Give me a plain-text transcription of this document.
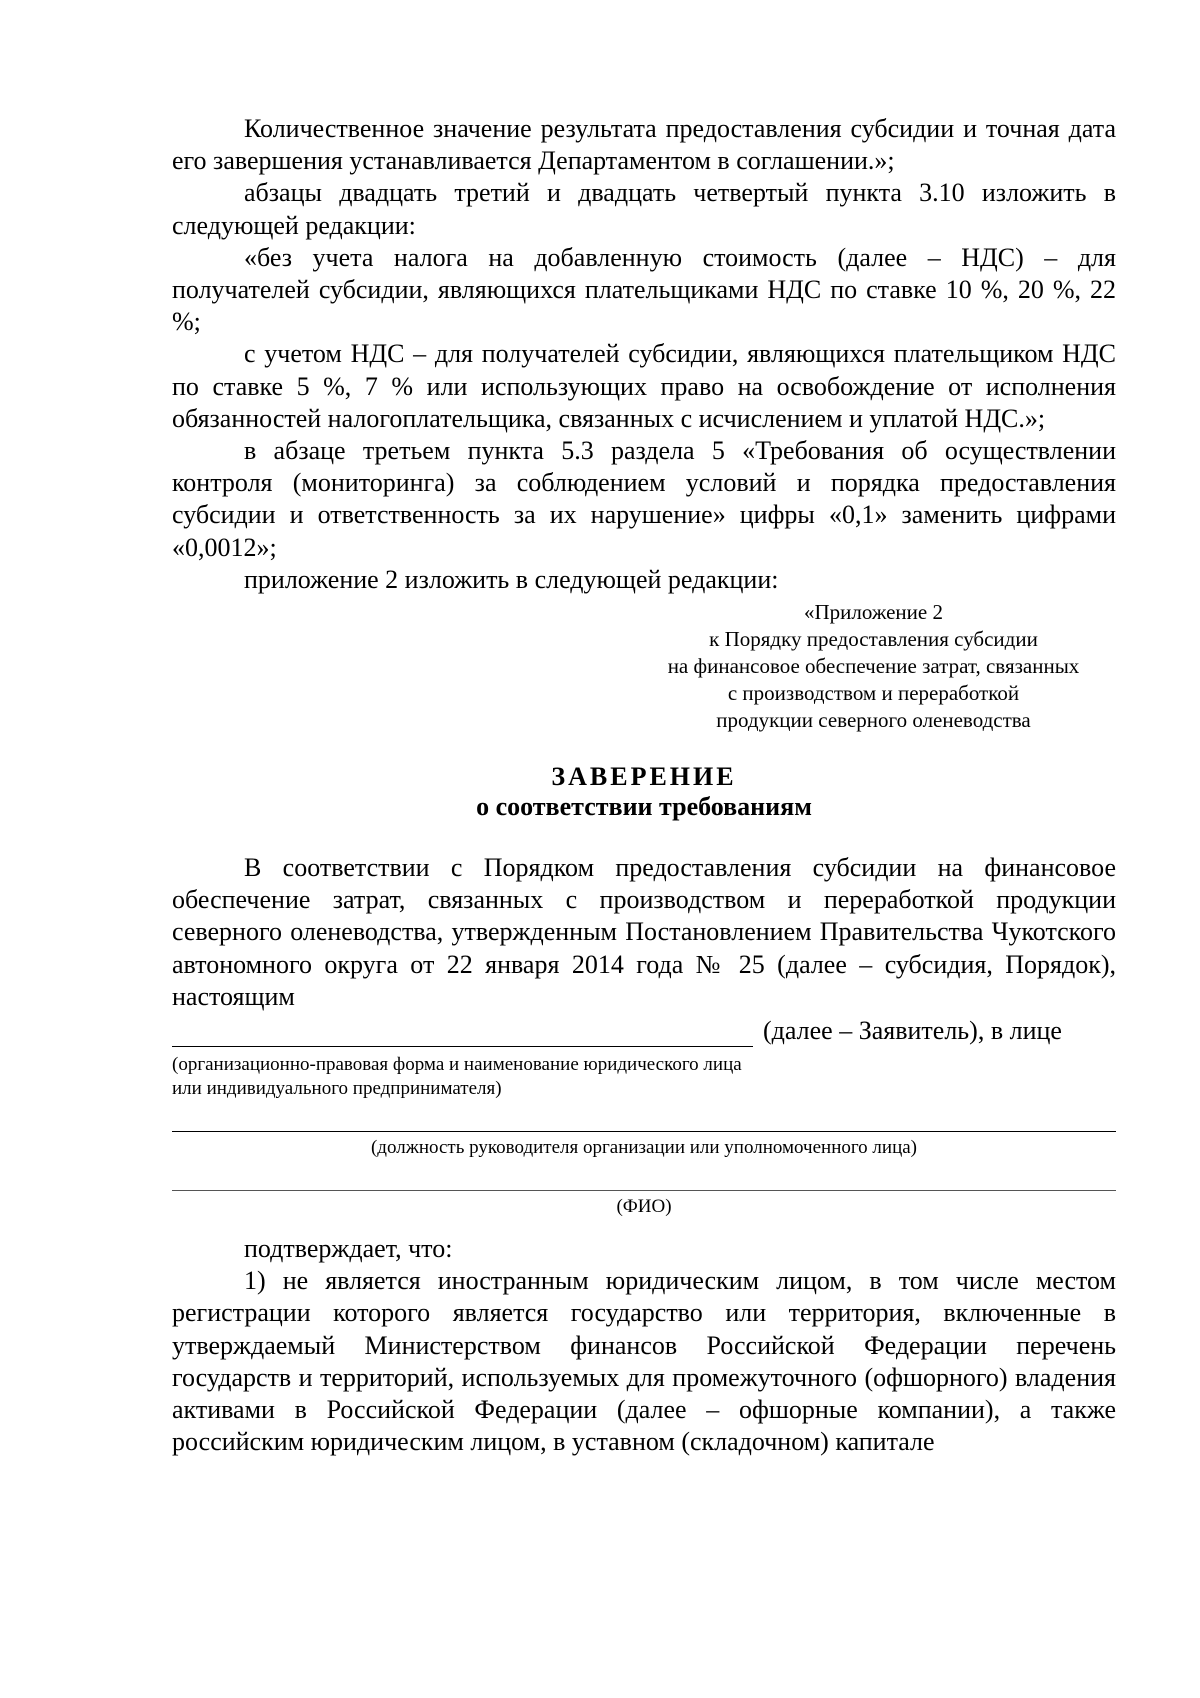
Количественное значение результата предоставления субсидии и точная дата его завершения устанавливается Департаментом в соглашении.»;

абзацы двадцать третий и двадцать четвертый пункта 3.10 изложить в следующей редакции:

«без учета налога на добавленную стоимость (далее – НДС) – для получателей субсидии, являющихся плательщиками НДС по ставке 10 %, 20 %, 22 %;

с учетом НДС – для получателей субсидии, являющихся плательщиком НДС по ставке 5 %, 7 % или использующих право на освобождение от исполнения обязанностей налогоплательщика, связанных с исчислением и уплатой НДС.»;

в абзаце третьем пункта 5.3 раздела 5 «Требования об осуществлении контроля (мониторинга) за соблюдением условий и порядка предоставления субсидии и ответственность за их нарушение» цифры «0,1» заменить цифрами «0,0012»;

приложение 2 изложить в следующей редакции:

«Приложение 2
к Порядку предоставления субсидии
на финансовое обеспечение затрат, связанных
с производством и переработкой
продукции северного оленеводства

ЗАВЕРЕНИЕ

о соответствии требованиям

В соответствии с Порядком предоставления субсидии на финансовое обеспечение затрат, связанных с производством и переработкой продукции северного оленеводства, утвержденным Постановлением Правительства Чукотского автономного округа от 22 января 2014 года № 25 (далее – субсидия, Порядок), настоящим

(далее – Заявитель), в лице
(организационно-правовая форма и наименование юридического лица
или индивидуального предпринимателя)
(должность руководителя организации или уполномоченного лица)
(ФИО)

подтверждает, что:

1) не является иностранным юридическим лицом, в том числе местом регистрации которого является государство или территория, включенные в утверждаемый Министерством финансов Российской Федерации перечень государств и территорий, используемых для промежуточного (офшорного) владения активами в Российской Федерации (далее – офшорные компании), а также российским юридическим лицом, в уставном (складочном) капитале
